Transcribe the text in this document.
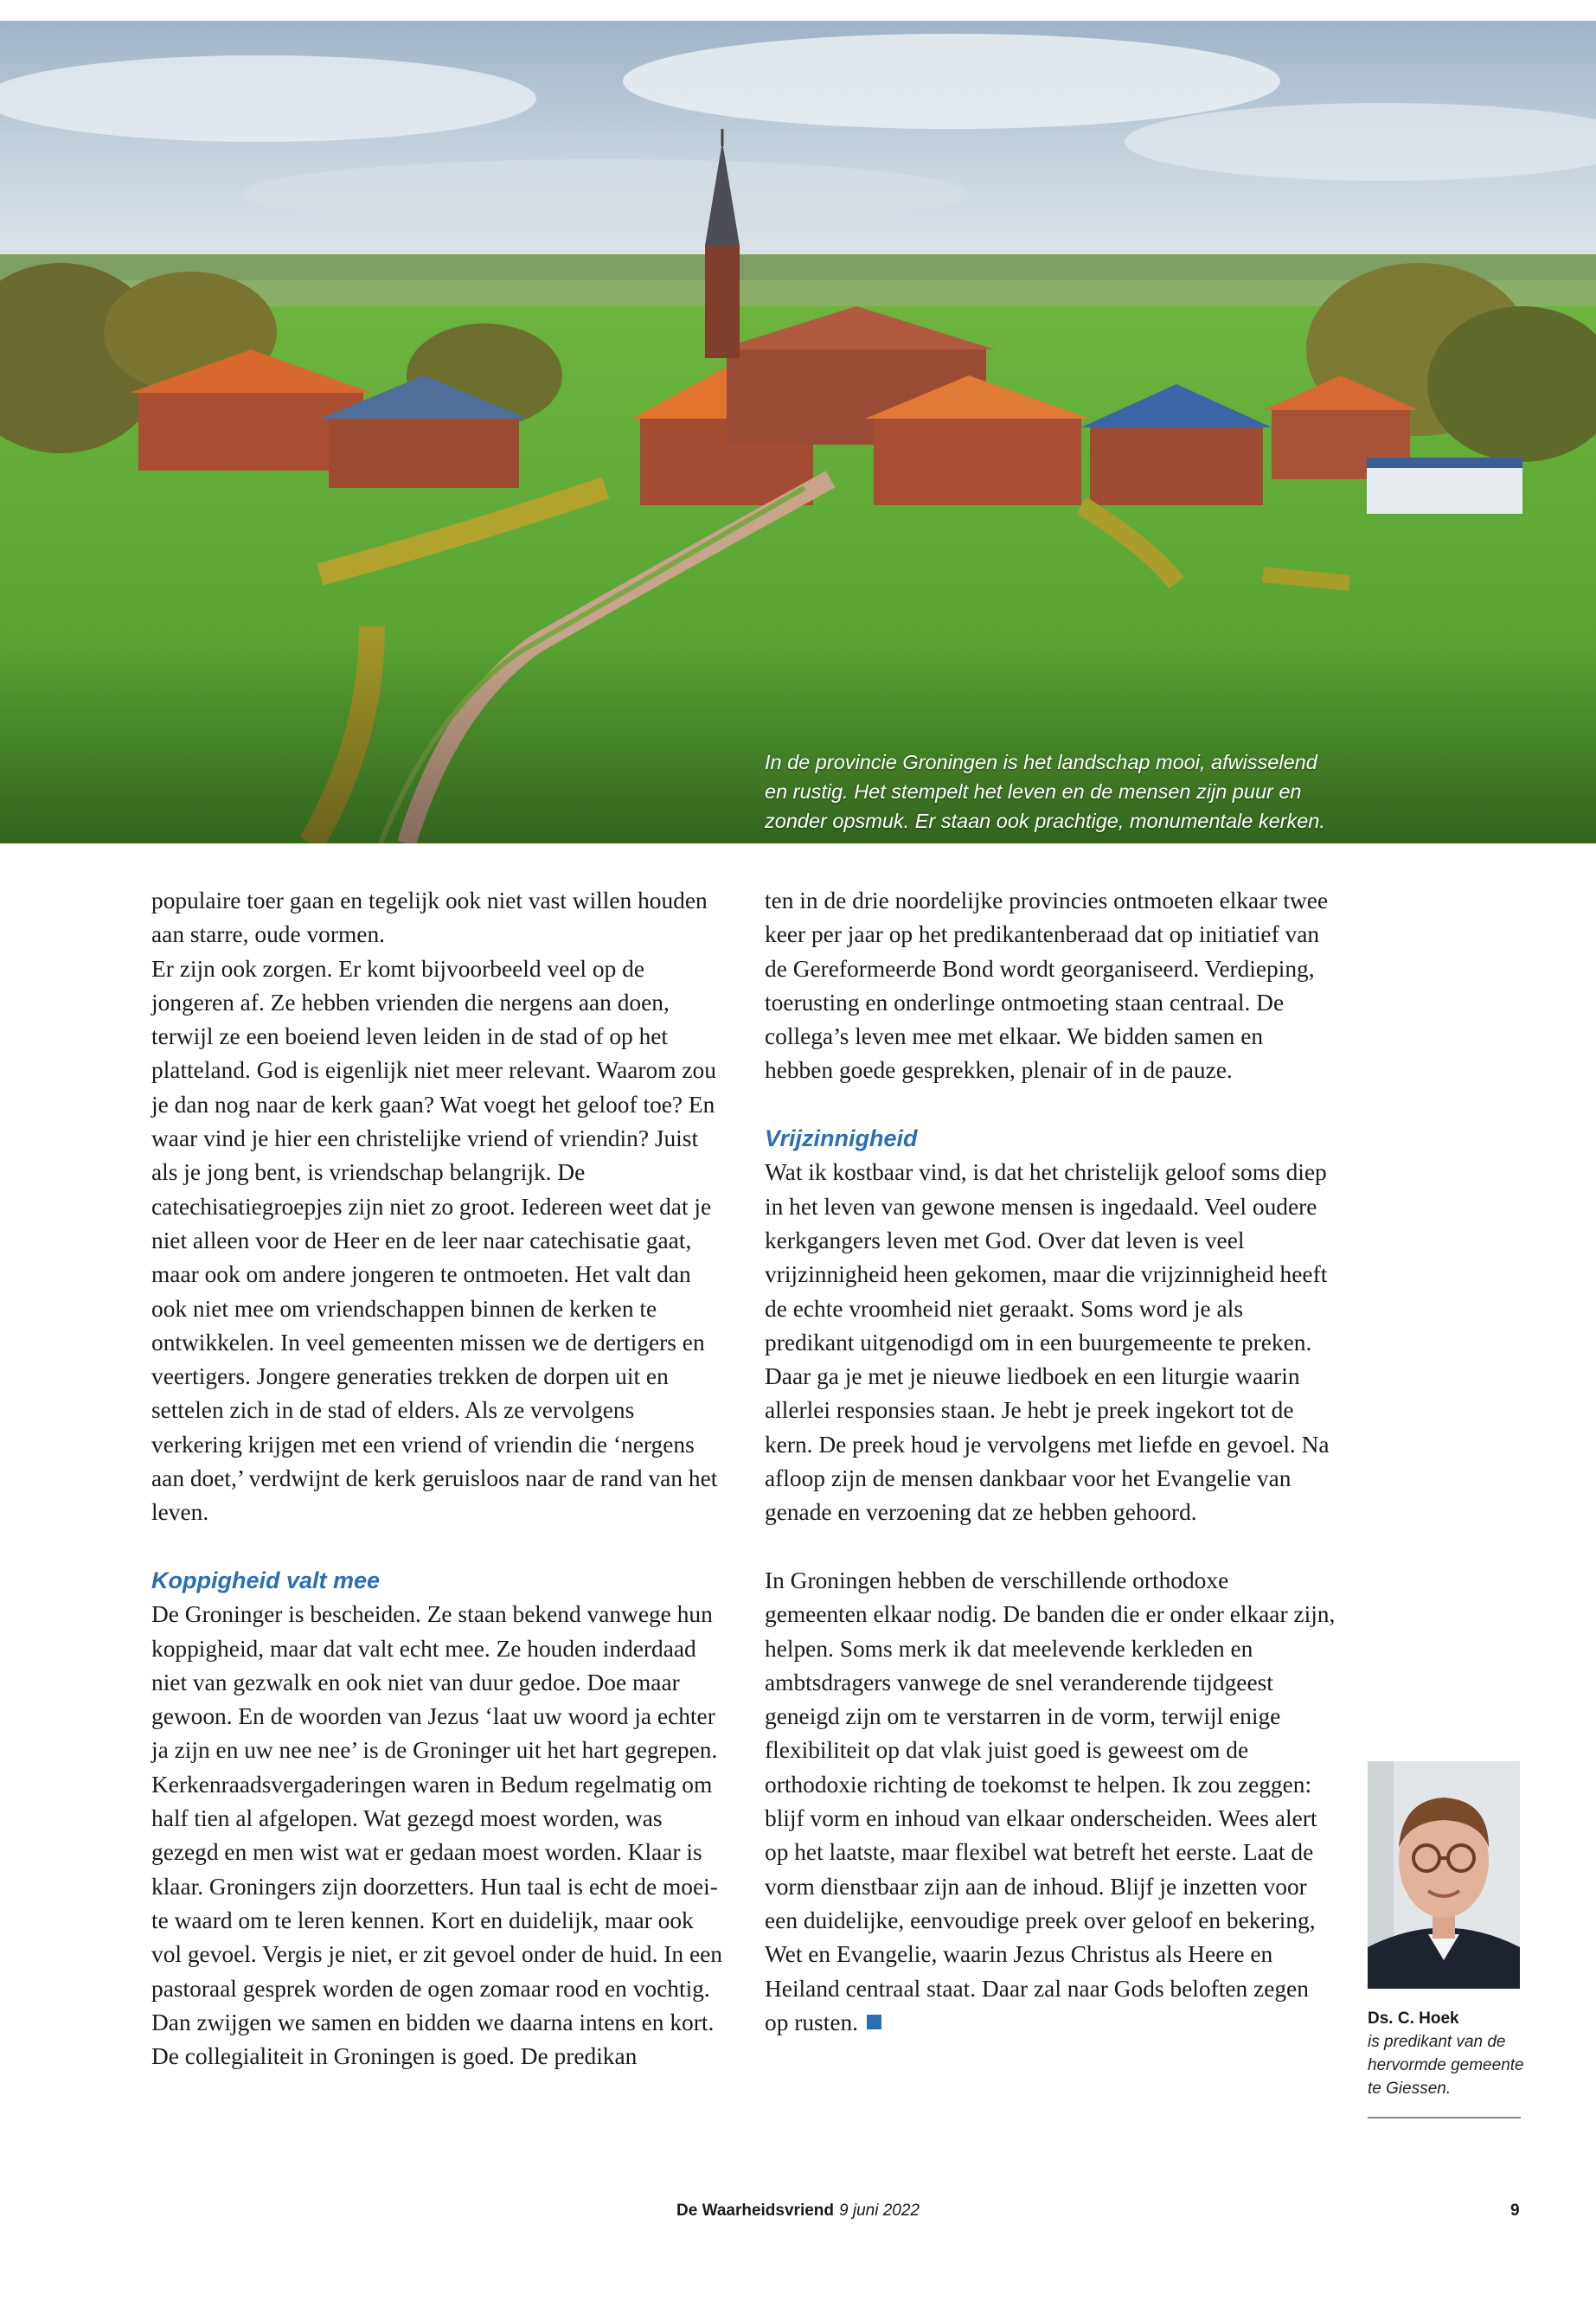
In de provincie Groningen is het landschap mooi, afwisselend en rustig. Het stempelt het leven en de mensen zijn puur en zonder opsmuk. Er staan ook prachtige, monumentale kerken.

populaire toer gaan en tegelijk ook niet vast willen houden aan starre, oude vormen.

Er zijn ook zorgen. Er komt bijvoorbeeld veel op de jongeren af. Ze hebben vrienden die nergens aan doen, terwijl ze een boeiend leven leiden in de stad of op het platteland. God is eigenlijk niet meer relevant. Waarom zou je dan nog naar de kerk gaan? Wat voegt het geloof toe? En waar vind je hier een christelijke vriend of vriendin? Juist als je jong bent, is vriendschap belangrijk. De catechisatiegroepjes zijn niet zo groot. Iedereen weet dat je niet alleen voor de Heer en de leer naar catechisatie gaat, maar ook om andere jongeren te ontmoeten. Het valt dan ook niet mee om vriendschappen binnen de kerken te ontwikkelen. In veel gemeenten missen we de dertigers en veertigers. Jongere generaties trekken de dorpen uit en settelen zich in de stad of elders. Als ze vervolgens verkering krijgen met een vriend of vriendin die ‘nergens aan doet,’ verdwijnt de kerk geruisloos naar de rand van het leven.

Koppigheid valt mee

De Groninger is bescheiden. Ze staan bekend vanwege hun koppigheid, maar dat valt echt mee. Ze houden inderdaad niet van gezwalk en ook niet van duur gedoe. Doe maar gewoon. En de woorden van Jezus ‘laat uw woord ja echter ja zijn en uw nee nee’ is de Groninger uit het hart gegrepen. Kerkenraadsvergaderingen waren in Bedum regelmatig om half tien al afgelopen. Wat gezegd moest worden, was gezegd en men wist wat er gedaan moest worden. Klaar is klaar. Groningers zijn doorzetters. Hun taal is echt de moeite waard om te leren kennen. Kort en duidelijk, maar ook vol gevoel. Vergis je niet, er zit gevoel onder de huid. In een pastoraal gesprek worden de ogen zomaar rood en vochtig. Dan zwijgen we samen en bidden we daarna intens en kort.

De collegialiteit in Groningen is goed. De predikan

ten in de drie noordelijke provincies ontmoeten elkaar twee keer per jaar op het predikantenberaad dat op initiatief van de Gereformeerde Bond wordt georganiseerd. Verdieping, toerusting en onderlinge ontmoeting staan centraal. De collega’s leven mee met elkaar. We bidden samen en hebben goede gesprekken, plenair of in de pauze.

Vrijzinnigheid

Wat ik kostbaar vind, is dat het christelijk geloof soms diep in het leven van gewone mensen is ingedaald. Veel oudere kerkgangers leven met God. Over dat leven is veel vrijzinnigheid heen gekomen, maar die vrijzinnigheid heeft de echte vroomheid niet geraakt. Soms word je als predikant uitgenodigd om in een buurgemeente te preken. Daar ga je met je nieuwe liedboek en een liturgie waarin allerlei responsies staan. Je hebt je preek ingekort tot de kern. De preek houd je vervolgens met liefde en gevoel. Na afloop zijn de mensen dankbaar voor het Evangelie van genade en verzoening dat ze hebben gehoord.

In Groningen hebben de verschillende orthodoxe gemeenten elkaar nodig. De banden die er onder elkaar zijn, helpen. Soms merk ik dat meelevende kerkleden en ambtsdragers vanwege de snel veranderende tijdgeest geneigd zijn om te verstarren in de vorm, terwijl enige flexibiliteit op dat vlak juist goed is geweest om de orthodoxie richting de toekomst te helpen. Ik zou zeggen: blijf vorm en inhoud van elkaar onderscheiden. Wees alert op het laatste, maar flexibel wat betreft het eerste. Laat de vorm dienstbaar zijn aan de inhoud. Blijf je inzetten voor een duidelijke, eenvoudige preek over geloof en bekering, Wet en Evangelie, waarin Jezus Christus als Heere en Heiland centraal staat. Daar zal naar Gods beloften zegen op rusten.	Ds. C. Hoek
is predikant van de hervormde gemeente te Giessen.
De Waarheidsvriend 9 juni 2022	9
